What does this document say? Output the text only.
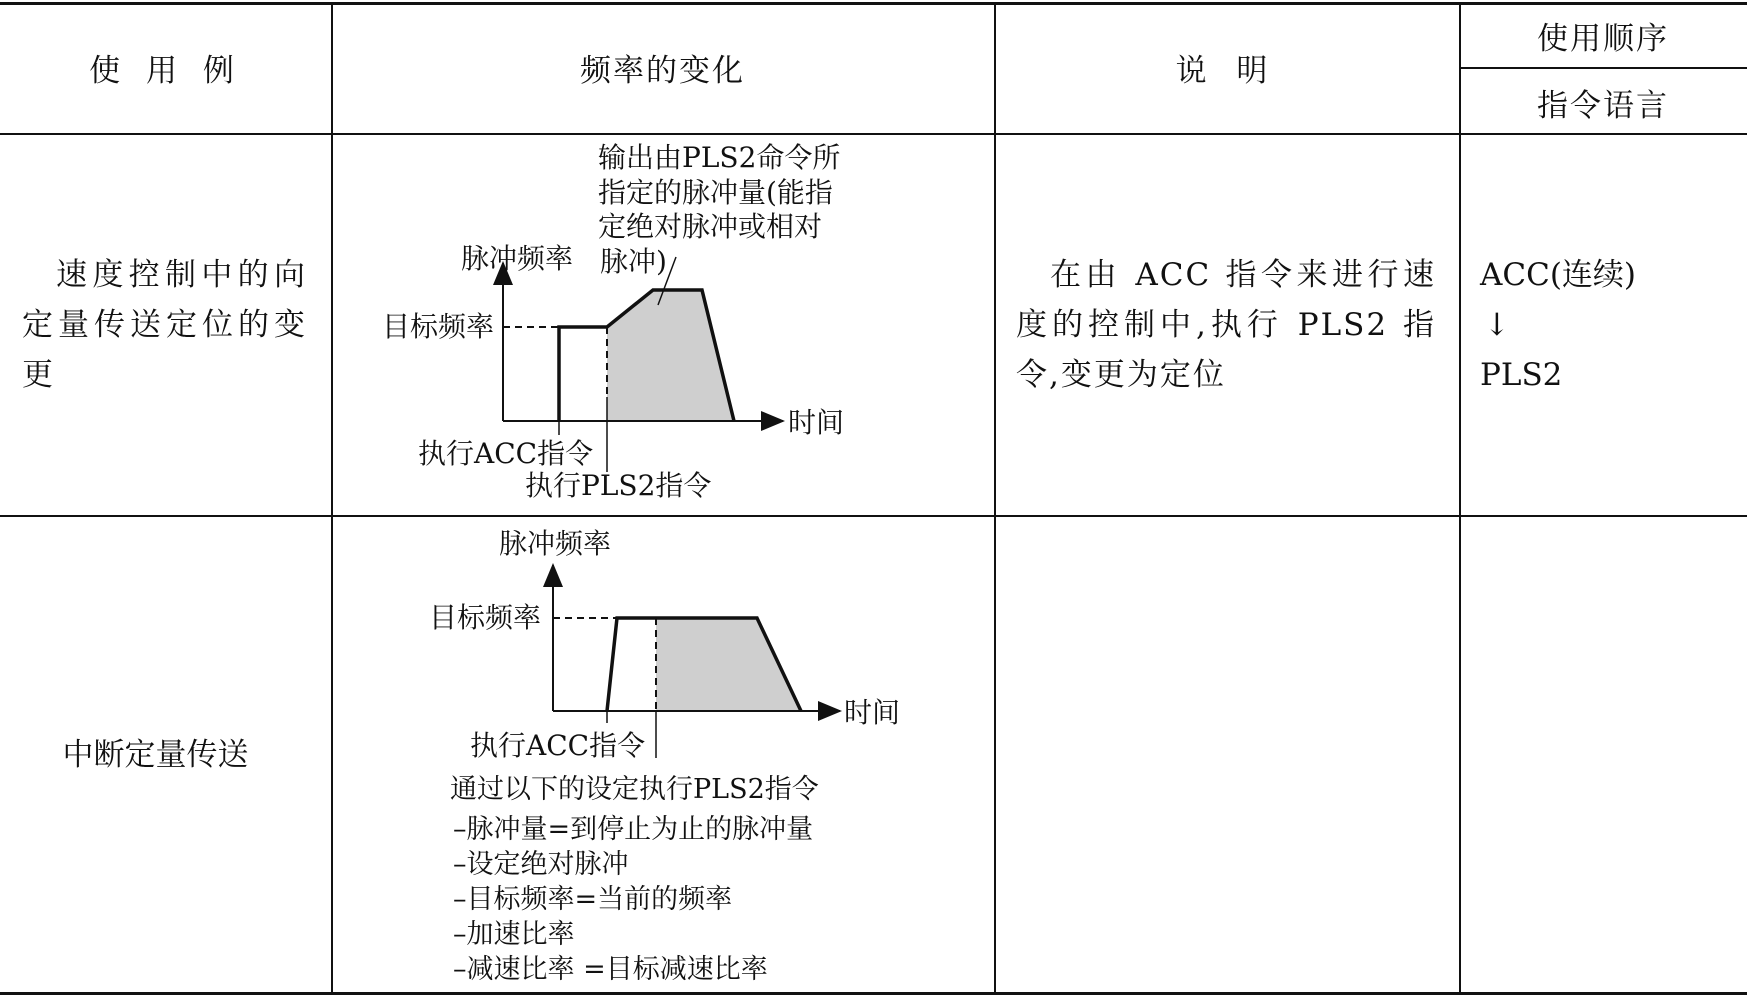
使 用 例	频率的变化	说 明
使用顺序
指令语言
速度控制中的向定量传送定位的变更
在由 ACC 指令来进行速度的控制中,执行 PLS2 指令,变更为定位
ACC(连续)
↓
PLS2
脉冲频率
目标频率
时间
执行ACC指令
执行PLS2指令
输出由PLS2命令所
指定的脉冲量(能指
定绝对脉冲或相对
脉冲)
中断定量传送
脉冲频率
目标频率
时间
执行ACC指令
通过以下的设定执行PLS2指令
–脉冲量=到停止为止的脉冲量
–设定绝对脉冲
–目标频率=当前的频率
–加速比率
–减速比率 =目标减速比率
